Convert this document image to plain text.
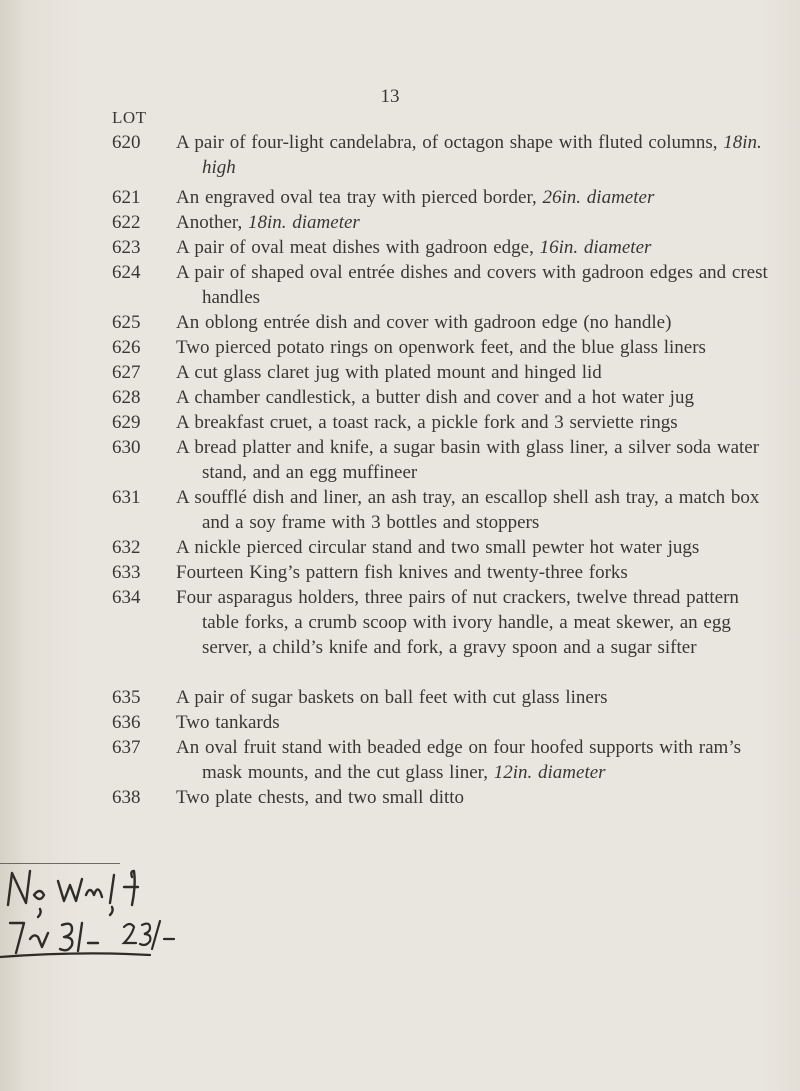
13
LOT
620	A pair of four-light candelabra, of octagon shape with fluted columns, 18in. high
621	An engraved oval tea tray with pierced border, 26in. diameter
622	Another, 18in. diameter
623	A pair of oval meat dishes with gadroon edge, 16in. diameter
624	A pair of shaped oval entrée dishes and covers with gadroon edges and crest handles
625	An oblong entrée dish and cover with gadroon edge (no handle)
626	Two pierced potato rings on openwork feet, and the blue glass liners
627	A cut glass claret jug with plated mount and hinged lid
628	A chamber candlestick, a butter dish and cover and a hot water jug
629	A breakfast cruet, a toast rack, a pickle fork and 3 serviette rings
630	A bread platter and knife, a sugar basin with glass liner, a silver soda water stand, and an egg muffineer
631	A soufflé dish and liner, an ash tray, an escallop shell ash tray, a match box and a soy frame with 3 bottles and stoppers
632	A nickle pierced circular stand and two small pewter hot water jugs
633	Fourteen King’s pattern fish knives and twenty-three forks
634	Four asparagus holders, three pairs of nut crackers, twelve thread pattern table forks, a crumb scoop with ivory handle, a meat skewer, an egg server, a child’s knife and fork, a gravy spoon and a sugar sifter
635	A pair of sugar baskets on ball feet with cut glass liners
636	Two tankards
637	An oval fruit stand with beaded edge on four hoofed supports with ram’s mask mounts, and the cut glass liner, 12in. diameter
638	Two plate chests, and two small ditto
